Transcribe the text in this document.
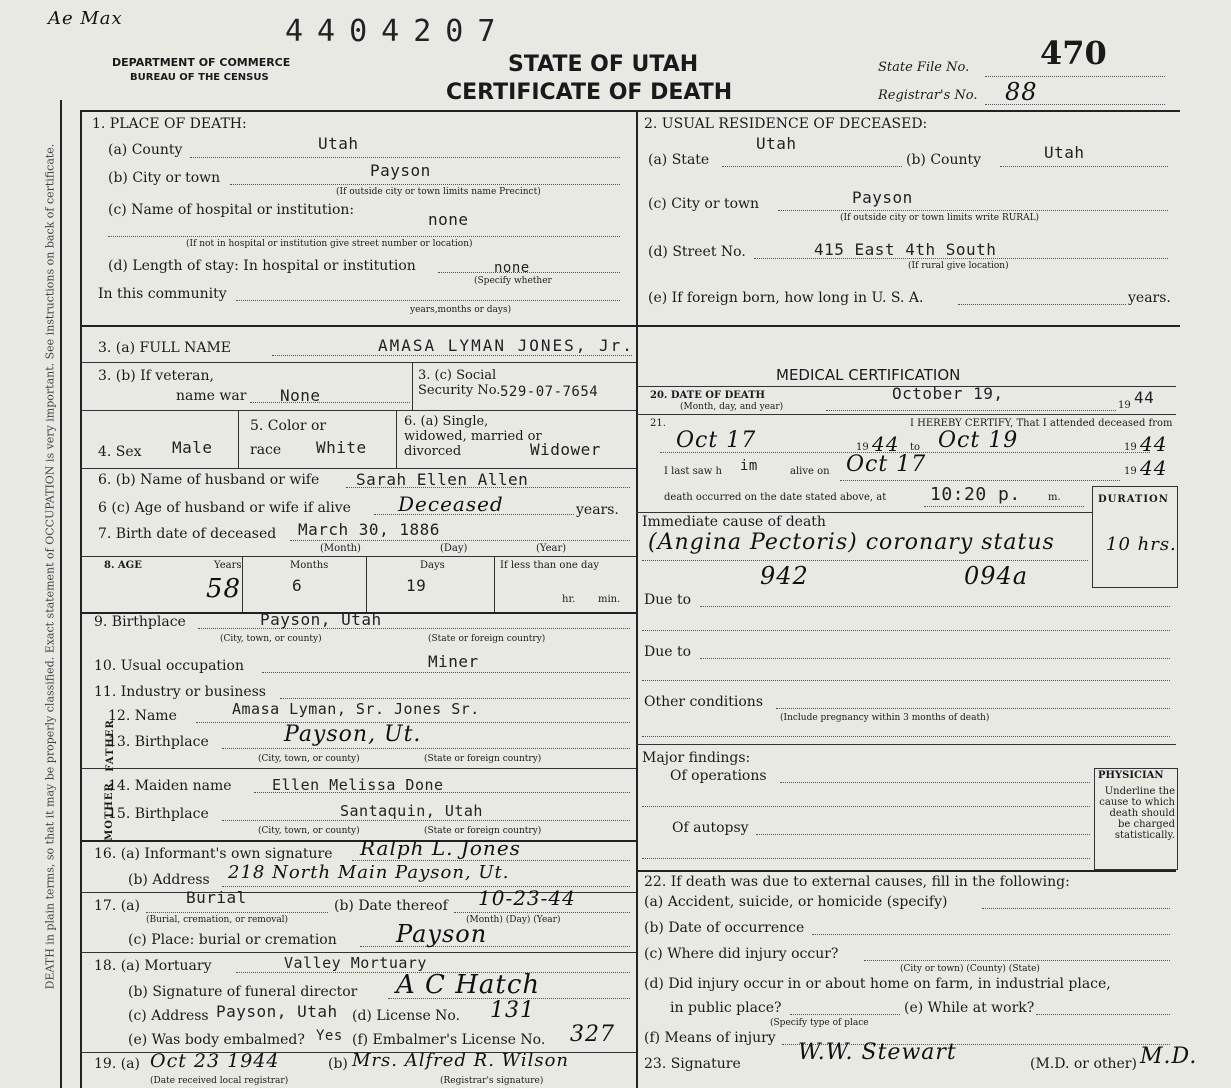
DEATH in plain terms, so that it may be properly classified. Exact statement of OCCUPATION is very important. See instructions on back of certificate.
Ae Max	4404207
DEPARTMENT OF COMMERCE
BUREAU OF THE CENSUS
STATE OF UTAH
CERTIFICATE OF DEATH
State File No. 470
Registrar's No. 88
1. PLACE OF DEATH:
(a) County	Utah
(b) City or town	Payson
(If outside city or town limits name Precinct)
(c) Name of hospital or institution:	none
(If not in hospital or institution give street number or location)
(d) Length of stay: In hospital or institution	none
(Specify whether
In this community
years,months or days)
2. USUAL RESIDENCE OF DECEASED:
(a) State
Utah
(b) County	Utah
(c) City or town	Payson
(If outside city or town limits write RURAL)
(d) Street No.	415 East 4th South
(If rural give location)
(e) If foreign born, how long in U. S. A.	years.
3. (a) FULL NAME	AMASA LYMAN JONES, Jr.
3. (b) If veteran,
name war None
3. (c) Social Security No. 529-07-7654
4. Sex Male
5. Color or race	White
6. (a) Single, widowed, married or divorced	Widower
6. (b) Name of husband or wife Sarah Ellen Allen
6 (c) Age of husband or wife if alive Deceased	years.
7. Birth date of deceased March 30, 1886
(Month)	(Day)	(Year)
8. AGE	Years	Months	Days	If less than one day
58	6	19
hr. min.
9. Birthplace	Payson, Utah
(City, town, or county)	(State or foreign country)
10. Usual occupation	Miner
11. Industry or business
FATHER
12. Name	Amasa Lyman, Sr. Jones Sr.
13. Birthplace	Payson, Ut.
(City, town, or county)	(State or foreign country)
MOTHER
14. Maiden name	Ellen Melissa Done
15. Birthplace	Santaquin, Utah
(City, town, or county)	(State or foreign country)
16. (a) Informant's own signature Ralph L. Jones
(b) Address 218 North Main Payson, Ut.
17. (a)	Burial
(Burial, cremation, or removal)
(b) Date thereof 10-23-44
(Month) (Day) (Year)
(c) Place: burial or cremation Payson
18. (a) Mortuary	Valley Mortuary
(b) Signature of funeral director A C Hatch
(c) Address Payson, Utah (d) License No. 131
(e) Was body embalmed? Yes (f) Embalmer's License No. 327
19. (a) Oct 23 1944
(Date received local registrar)
(b) Mrs. Alfred R. Wilson
(Registrar's signature)
MEDICAL CERTIFICATION
20. DATE OF DEATH
(Month, day, and year)
October 19,
19 44
21.	I HEREBY CERTIFY, That I attended deceased from
Oct 17	19 44 to Oct 19	19 44
I last saw h im	alive on Oct 17	19 44
death occurred on the date stated above, at 10:20 p.	m.	DURATION
Immediate cause of death
(Angina Pectoris) coronary status	10 hrs.
942	094a
Due to
Due to
Other conditions
(Include pregnancy within 3 months of death)
Major findings:
Of operations
Of autopsy
PHYSICIAN
Underline the cause to which death should be charged statistically.
22. If death was due to external causes, fill in the following:
(a) Accident, suicide, or homicide (specify)
(b) Date of occurrence
(c) Where did injury occur?
(City or town) (County) (State)
(d) Did injury occur in or about home on farm, in industrial place,
in public place?	(e) While at work?
(Specify type of place
(f) Means of injury
23. Signature	W.W. Stewart	(M.D. or other) M.D.
